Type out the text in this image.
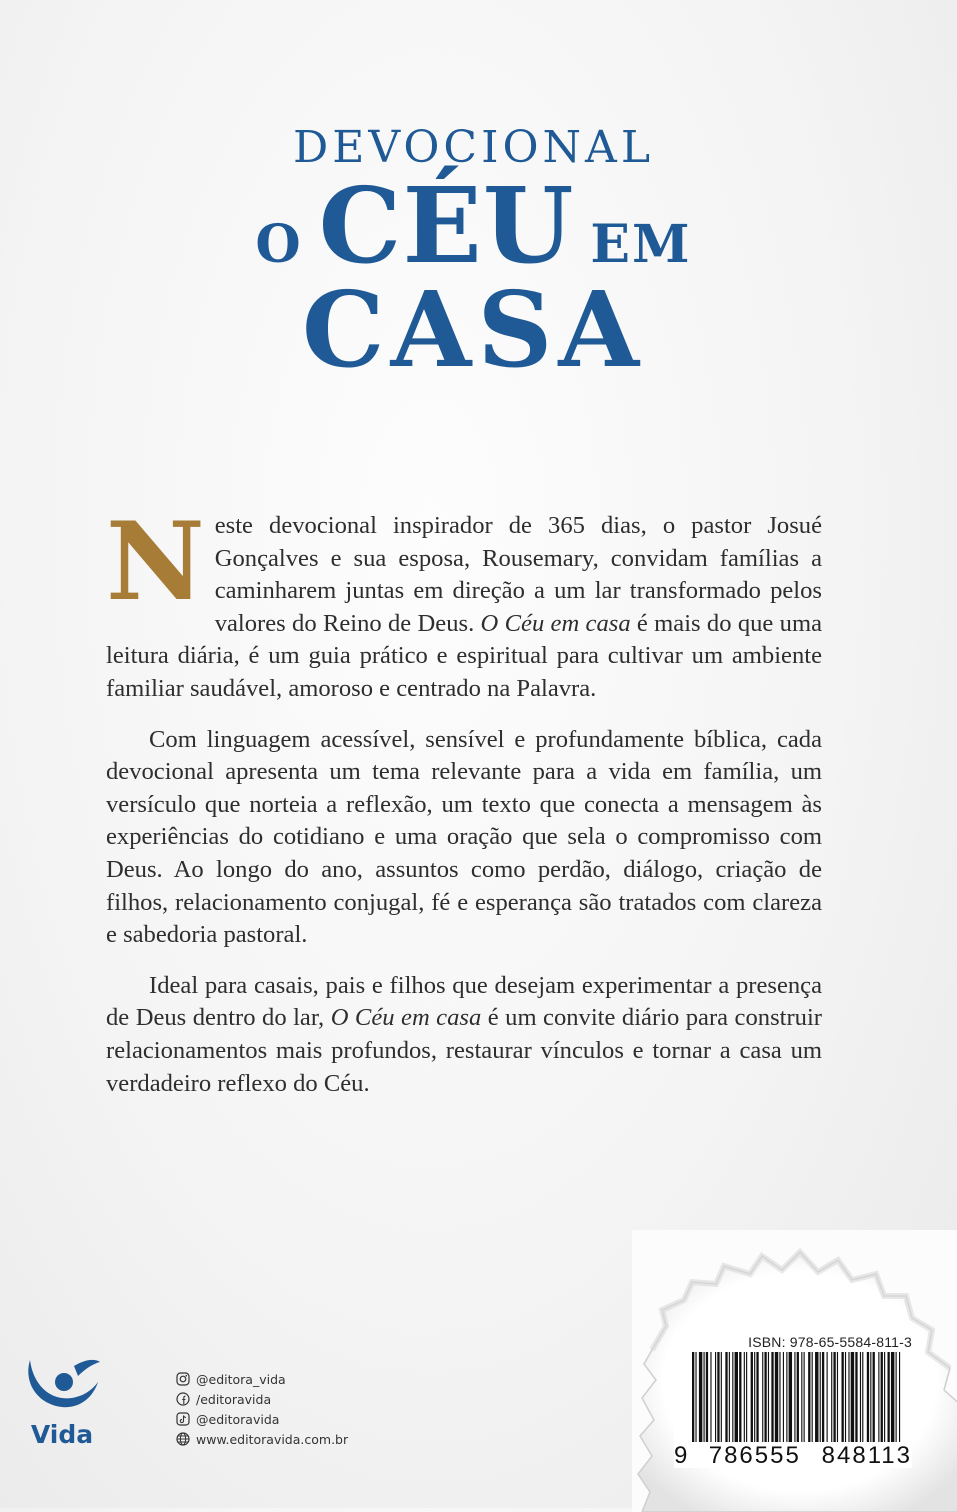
DEVOCIONAL
O CÉU EM
CASA

Neste devocional inspirador de 365 dias, o pastor Josué Gonçalves e sua esposa, Rousemary, convidam famílias a caminharem juntas em direção a um lar transformado pelos valores do Reino de Deus. O Céu em casa é mais do que uma leitura diária, é um guia prático e espiritual para cultivar um ambiente familiar saudável, amoroso e centrado na Palavra.

Com linguagem acessível, sensível e profundamente bíblica, cada devocional apresenta um tema relevante para a vida em família, um versículo que norteia a reflexão, um texto que conecta a mensagem às experiências do cotidiano e uma oração que sela o compromisso com Deus. Ao longo do ano, assuntos como perdão, diálogo, criação de filhos, relacionamento conjugal, fé e esperança são tratados com clareza e sabedoria pastoral.

Ideal para casais, pais e filhos que desejam experimentar a presença de Deus dentro do lar, O Céu em casa é um convite diário para construir relacionamentos mais profundos, restaurar vínculos e tornar a casa um verdadeiro reflexo do Céu.

Vida
@editora_vida
/editoravida
@editoravida
www.editoravida.com.br
ISBN: 978-65-5584-811-3
9 786555 848113
